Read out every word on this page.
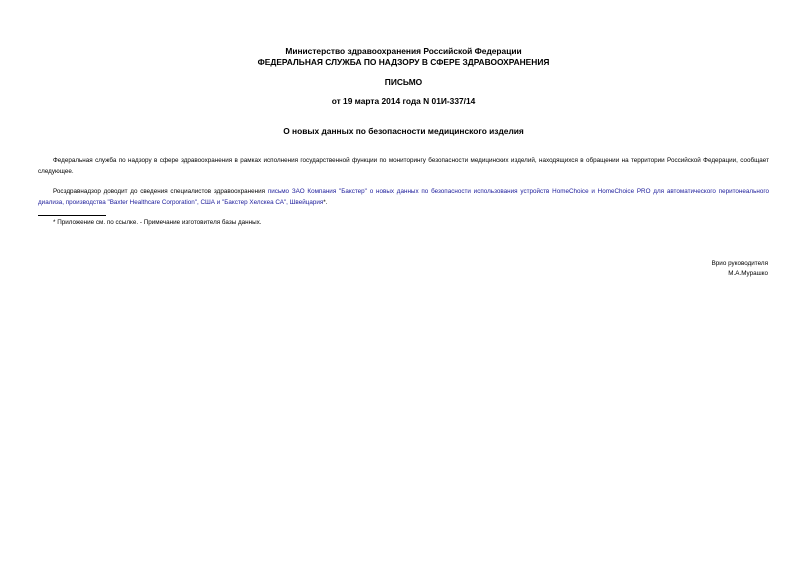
Министерство здравоохранения Российской Федерации
ФЕДЕРАЛЬНАЯ СЛУЖБА ПО НАДЗОРУ В СФЕРЕ ЗДРАВООХРАНЕНИЯ
ПИСЬМО
от 19 марта 2014 года N 01И-337/14
О новых данных по безопасности медицинского изделия
Федеральная служба по надзору в сфере здравоохранения в рамках исполнения государственной функции по мониторингу безопасности медицинских изделий, находящихся в обращении на территории Российской Федерации, сообщает следующее.
Росздравнадзор доводит до сведения специалистов здравоохранения письмо ЗАО Компания "Бакстер" о новых данных по безопасности использования устройств HomeChoice и HomeChoice PRO для автоматического перитонеального диализа, производства "Baxter Healthcare Corporation", США и "Бакстер Хелскеа СА", Швейцария*.
* Приложение см. по ссылке. - Примечание изготовителя базы данных.
Врио руководителя
М.А.Мурашко
